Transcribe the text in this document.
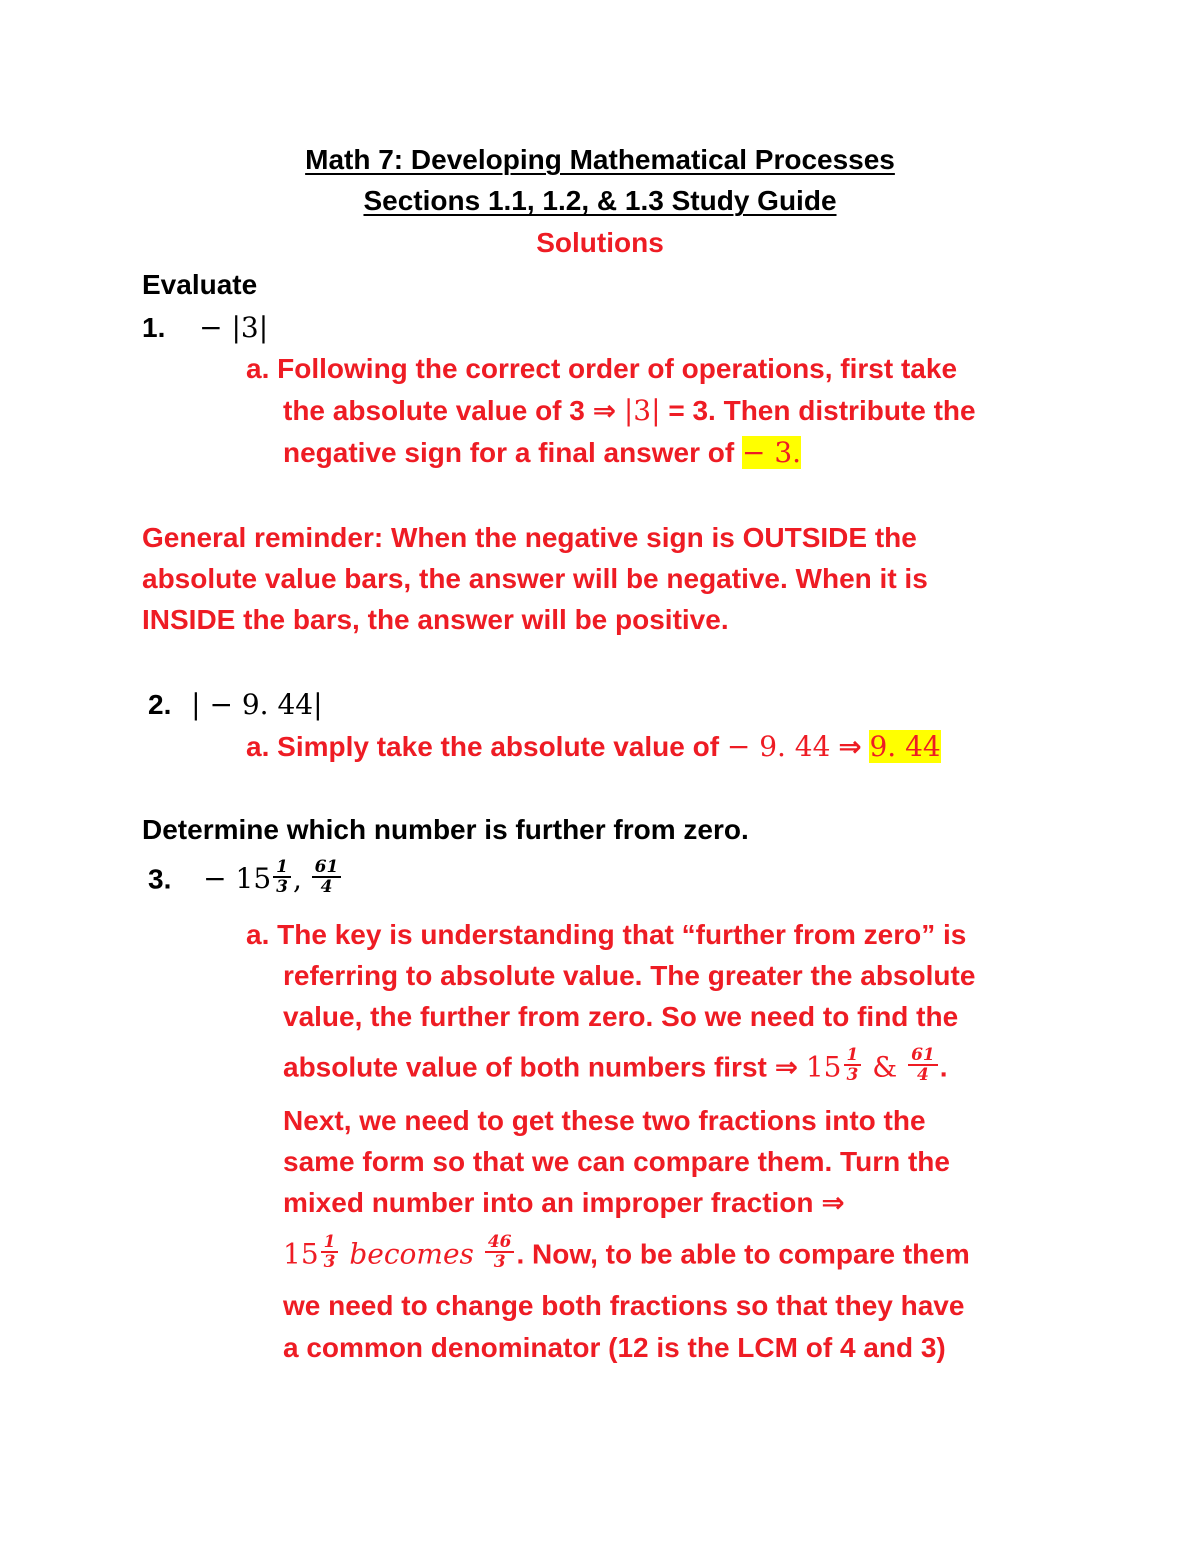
Math 7: Developing Mathematical Processes
Sections 1.1, 1.2, & 1.3 Study Guide
Solutions
Evaluate
1. − |3|
a. Following the correct order of operations, first take
the absolute value of 3 ⇒ |3| = 3. Then distribute the
negative sign for a final answer of − 3.
General reminder: When the negative sign is OUTSIDE the
absolute value bars, the answer will be negative. When it is
INSIDE the bars, the answer will be positive.
2. | − 9. 44|
a. Simply take the absolute value of − 9. 44 ⇒ 9. 44
Determine which number is further from zero.
3. − $15 \frac{1}{3}$ , $\frac{61}{4}$
a. The key is understanding that “further from zero” is
referring to absolute value. The greater the absolute
value, the further from zero. So we need to find the
absolute value of both numbers first ⇒ $15 \frac{1}{3}$ & $\frac{61}{4}$ .
Next, we need to get these two fractions into the
same form so that we can compare them. Turn the
mixed number into an improper fraction ⇒
$15 \frac{1}{3}$ becomes $\frac{46}{3}$ . Now, to be able to compare them
we need to change both fractions so that they have
a common denominator (12 is the LCM of 4 and 3)
